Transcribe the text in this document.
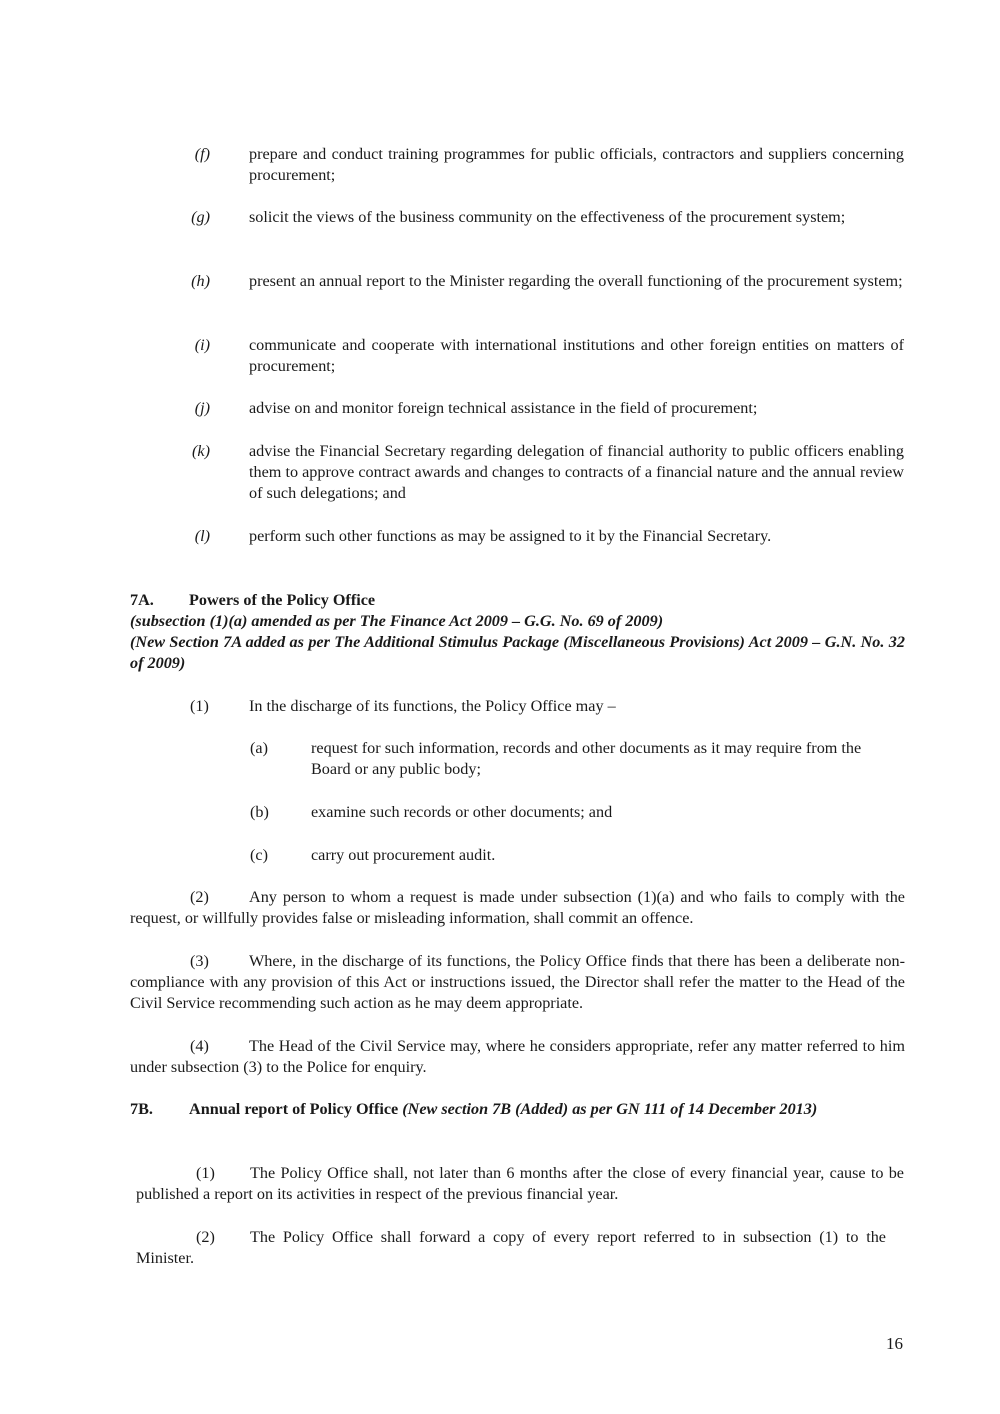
(f) prepare and conduct training programmes for public officials, contractors and suppliers concerning procurement;
(g) solicit the views of the business community on the effectiveness of the procurement system;
(h) present an annual report to the Minister regarding the overall functioning of the procurement system;
(i) communicate and cooperate with international institutions and other foreign entities on matters of procurement;
(j) advise on and monitor foreign technical assistance in the field of procurement;
(k) advise the Financial Secretary regarding delegation of financial authority to public officers enabling them to approve contract awards and changes to contracts of a financial nature and the annual review of such delegations; and
(l) perform such other functions as may be assigned to it by the Financial Secretary.
7A. Powers of the Policy Office
(subsection (1)(a) amended as per The Finance Act 2009 – G.G. No. 69 of 2009)
(New Section 7A added as per The Additional Stimulus Package (Miscellaneous Provisions) Act 2009 – G.N. No. 32 of 2009)
(1) In the discharge of its functions, the Policy Office may –
(a)	request for such information, records and other documents as it may require from the Board or any public body;
(b)	examine such records or other documents; and
(c)	carry out procurement audit.
(2) Any person to whom a request is made under subsection (1)(a) and who fails to comply with the request, or willfully provides false or misleading information, shall commit an offence.
(3) Where, in the discharge of its functions, the Policy Office finds that there has been a deliberate non-compliance with any provision of this Act or instructions issued, the Director shall refer the matter to the Head of the Civil Service recommending such action as he may deem appropriate.
(4) The Head of the Civil Service may, where he considers appropriate, refer any matter referred to him under subsection (3) to the Police for enquiry.
7B. Annual report of Policy Office (New section 7B (Added) as per GN 111 of 14 December 2013)
(1) The Policy Office shall, not later than 6 months after the close of every financial year, cause to be published a report on its activities in respect of the previous financial year.
(2) The Policy Office shall forward a copy of every report referred to in subsection (1) to the Minister.
16
